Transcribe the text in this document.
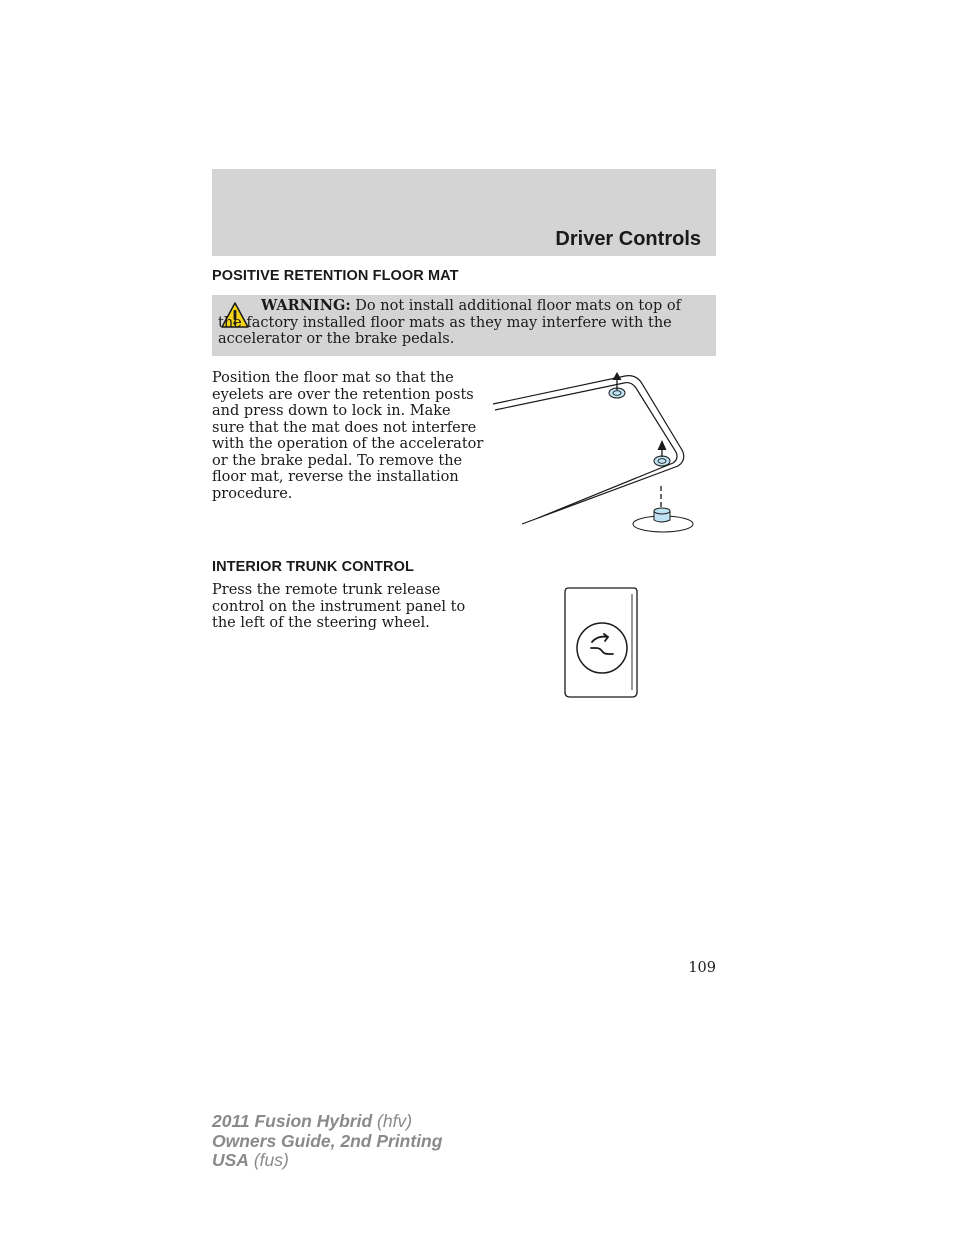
Driver Controls
POSITIVE RETENTION FLOOR MAT
WARNING: Do not install additional floor mats on top of the factory installed floor mats as they may interfere with the accelerator or the brake pedals.
Position the floor mat so that the
eyelets are over the retention posts
and press down to lock in. Make
sure that the mat does not interfere
with the operation of the accelerator
or the brake pedal. To remove the
floor mat, reverse the installation
procedure.
INTERIOR TRUNK CONTROL
Press the remote trunk release
control on the instrument panel to
the left of the steering wheel.
109
2011 Fusion Hybrid (hfv)
Owners Guide, 2nd Printing
USA (fus)
